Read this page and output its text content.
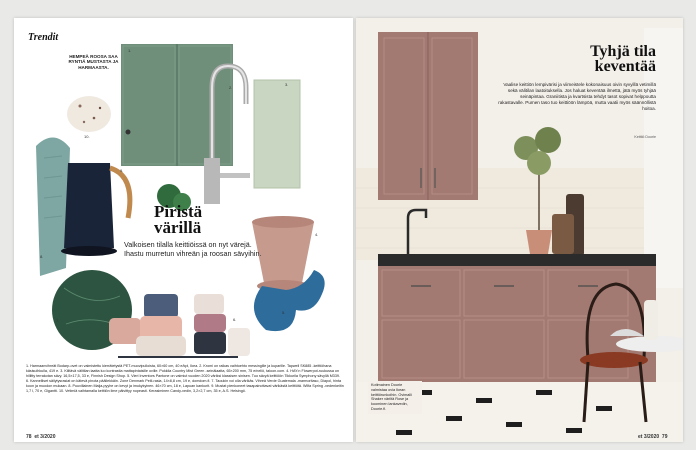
Trendit
HEMPEÄ ROOSA SAA RYNTIÄ MUSTASTA JA HARMAASTA.
1.
2.
3.
4.
5.
6.
7.
8.
9.
10.
Piristä
värillä
Valkoisen tilalla keittiöissä on nyt värejä. Ihastu murretun vihreän ja roosan sävyihin.
1. Harmaanvihreät Bodarp-ovet on valmistettu kierrätetystä PET-muovipulloista, 60×60 cm, 40 e/kpl, Ikea. 2. Kromi on raikas vaihtoehto messingille ja kuparille. Tapwell SK885 -keittiöhana käsisuihkulla, 419 e. 3. Kiiltävä välitilan laatta luo kontrastia mattapintaisille oville. Pukkila Country Mist Green -seinälaatta, 65×200 mm, 75 e/neliö, taloon.com. 4. HAY:n Flowerpot-ruukussa on hillitty terrakotan sävy. 16,5×17,5, 33 e, Finnish Design Shop. 5. Vieri Inventors Pantone on valmiut vuoden 2020 väriksi klassisen sinisen. Tuo sävyä keittiöön Tikkurila Symphony sävyllä M339. 6. Kannelliset säilytysrasiat on kätevä pinota päällekkäin. Zone Denmark Peili-rasia, 14×8,8 cm, 19 e, domdom.fi. 7. Taoukin voi olla värikäs. Vihreä Verde Guatemala -marmoritaso, Diapol, hinta koon ja muodon mukaan. 8. Puuvillainen Maija-pyyhe on kevyt ja imukykyinen. 46×70 cm, 18 e, Lapuan kankurit. 9. Mustat pienkoneet tasapainottavat värikästä keittiötä. Wilfa Spring -vedenkeitin 1,7 l, 70 e, Gigantti. 10. Vetimiä vaihtamalla keittiön ilme päivittyy nopeasti. Kerasiminen Candy-vedin, 3,2×2,7 cm, 35 e, A.S. Helsingö.
78 et 3/2020
Tyhjä tila
keventää
Vaalise keittiön lempivärisi ja viimeistele kokonaisuus oivin syvyillä vetimillä sekä välitilan laatoituksella. Jos haluat keventää ilmettä, jätä myös tyhjää seinäpintaa. Graniitista ja kvartsista tehdyt tasot sopivat helppoutta rakastavalle. Pumen taso tuo keittiöön lämpöä, mutta vaatii myös säännöllistä hoitoa.
Keittiö Doorie
Kotimainen Doorie valmistaa ovia Ikean keittiörunkoihin. Ovimalli Shaker väriltä Rose ja koominen lankavedin, Doorie.fi.
et 3/2020 79
